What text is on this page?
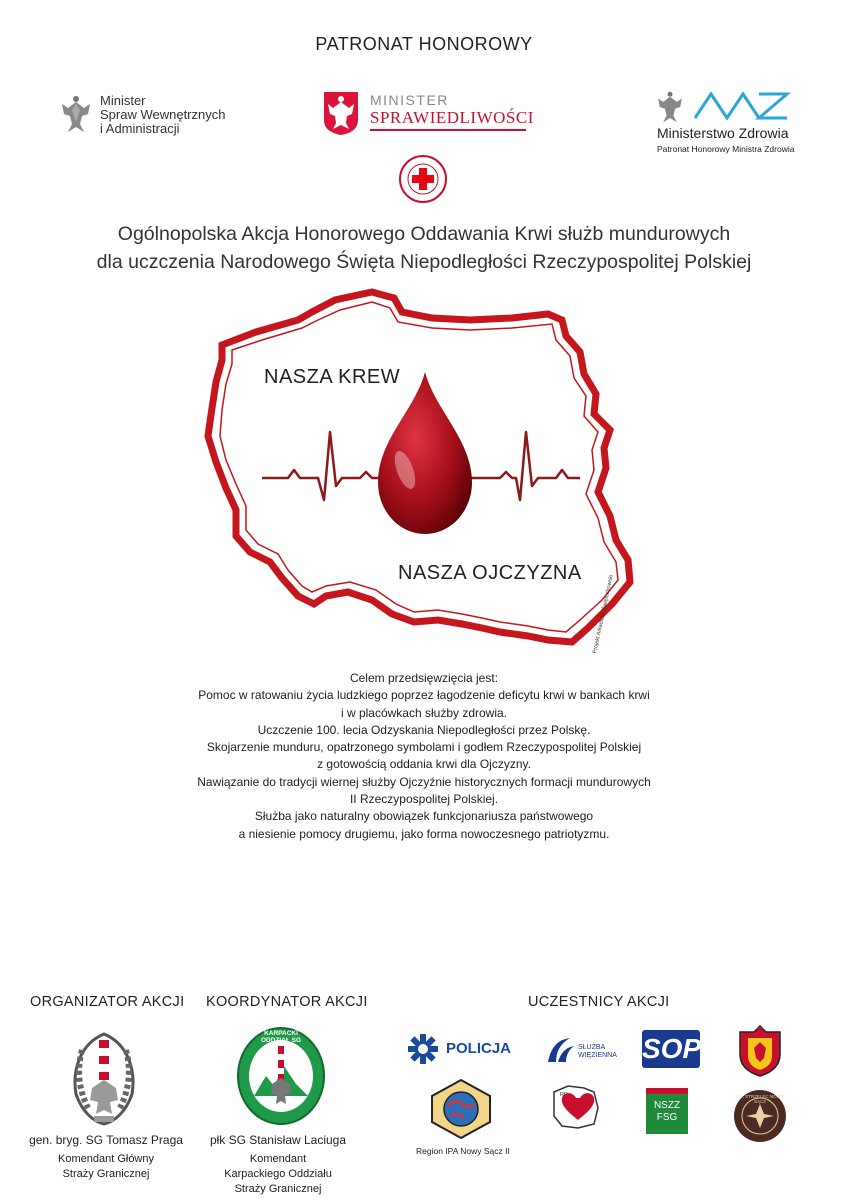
PATRONAT HONOROWY
Minister
Spraw Wewnętrznych
i Administracji
MINISTER
SPRAWIEDLIWOŚCI
Ministerstwo Zdrowia
Patronat Honorowy Ministra Zdrowia
Ogólnopolska Akcja Honorowego Oddawania Krwi służb mundurowych
dla uczczenia Narodowego Święta Niepodległości Rzeczypospolitej Polskiej
NASZA KREW
NASZA OJCZYZNA
Projekt Arkadiusz Świętochowski
Celem przedsięwzięcia jest:
Pomoc w ratowaniu życia ludzkiego poprzez łagodzenie deficytu krwi w bankach krwi
i w placówkach służby zdrowia.
Uczczenie 100. lecia Odzyskania Niepodległości przez Polskę.
Skojarzenie munduru, opatrzonego symbolami i godłem Rzeczypospolitej Polskiej
z gotowością oddania krwi dla Ojczyzny.
Nawiązanie do tradycji wiernej służby Ojczyźnie historycznych formacji mundurowych
II Rzeczypospolitej Polskiej.
Służba jako naturalny obowiązek funkcjonariusza państwowego
a niesienie pomocy drugiemu, jako forma nowoczesnego patriotyzmu.
ORGANIZATOR AKCJI
gen. bryg. SG Tomasz Praga
Komendant Główny
Straży Granicznej
KOORDYNATOR AKCJI
KARPACKI ODDZIAŁ SG
płk SG Stanisław Laciuga
Komendant
Karpackiego Oddziału
Straży Granicznej
UCZESTNICY AKCJI
POLICJA	SŁUŻBA
WIĘZIENNA SOP
Region IPA Nowy Sącz II
RP
NSZZ
FSG
J.S. STRZELEC NOWY SĄCZ
